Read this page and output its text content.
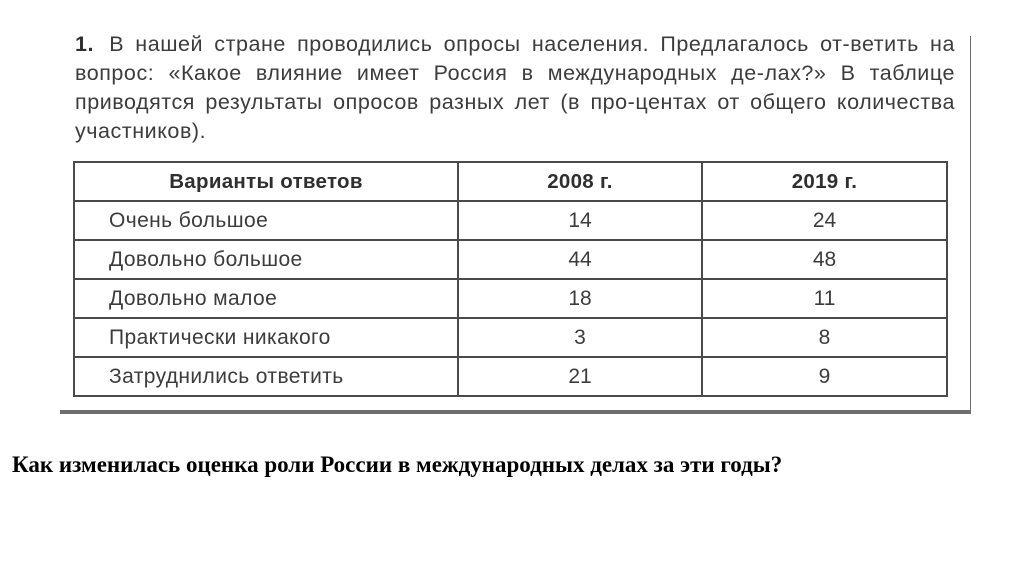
1. В нашей стране проводились опросы населения. Предлагалось от-ветить на вопрос: «Какое влияние имеет Россия в международных де-лах?» В таблице приводятся результаты опросов разных лет (в про-центах от общего количества участников).

Варианты ответов	2008 г.	2019 г.
Очень большое	14	24
Довольно большое	44	48
Довольно малое	18	11
Практически никакого	3	8
Затруднились ответить	21	9

Как изменилась оценка роли России в международных делах за эти годы?
